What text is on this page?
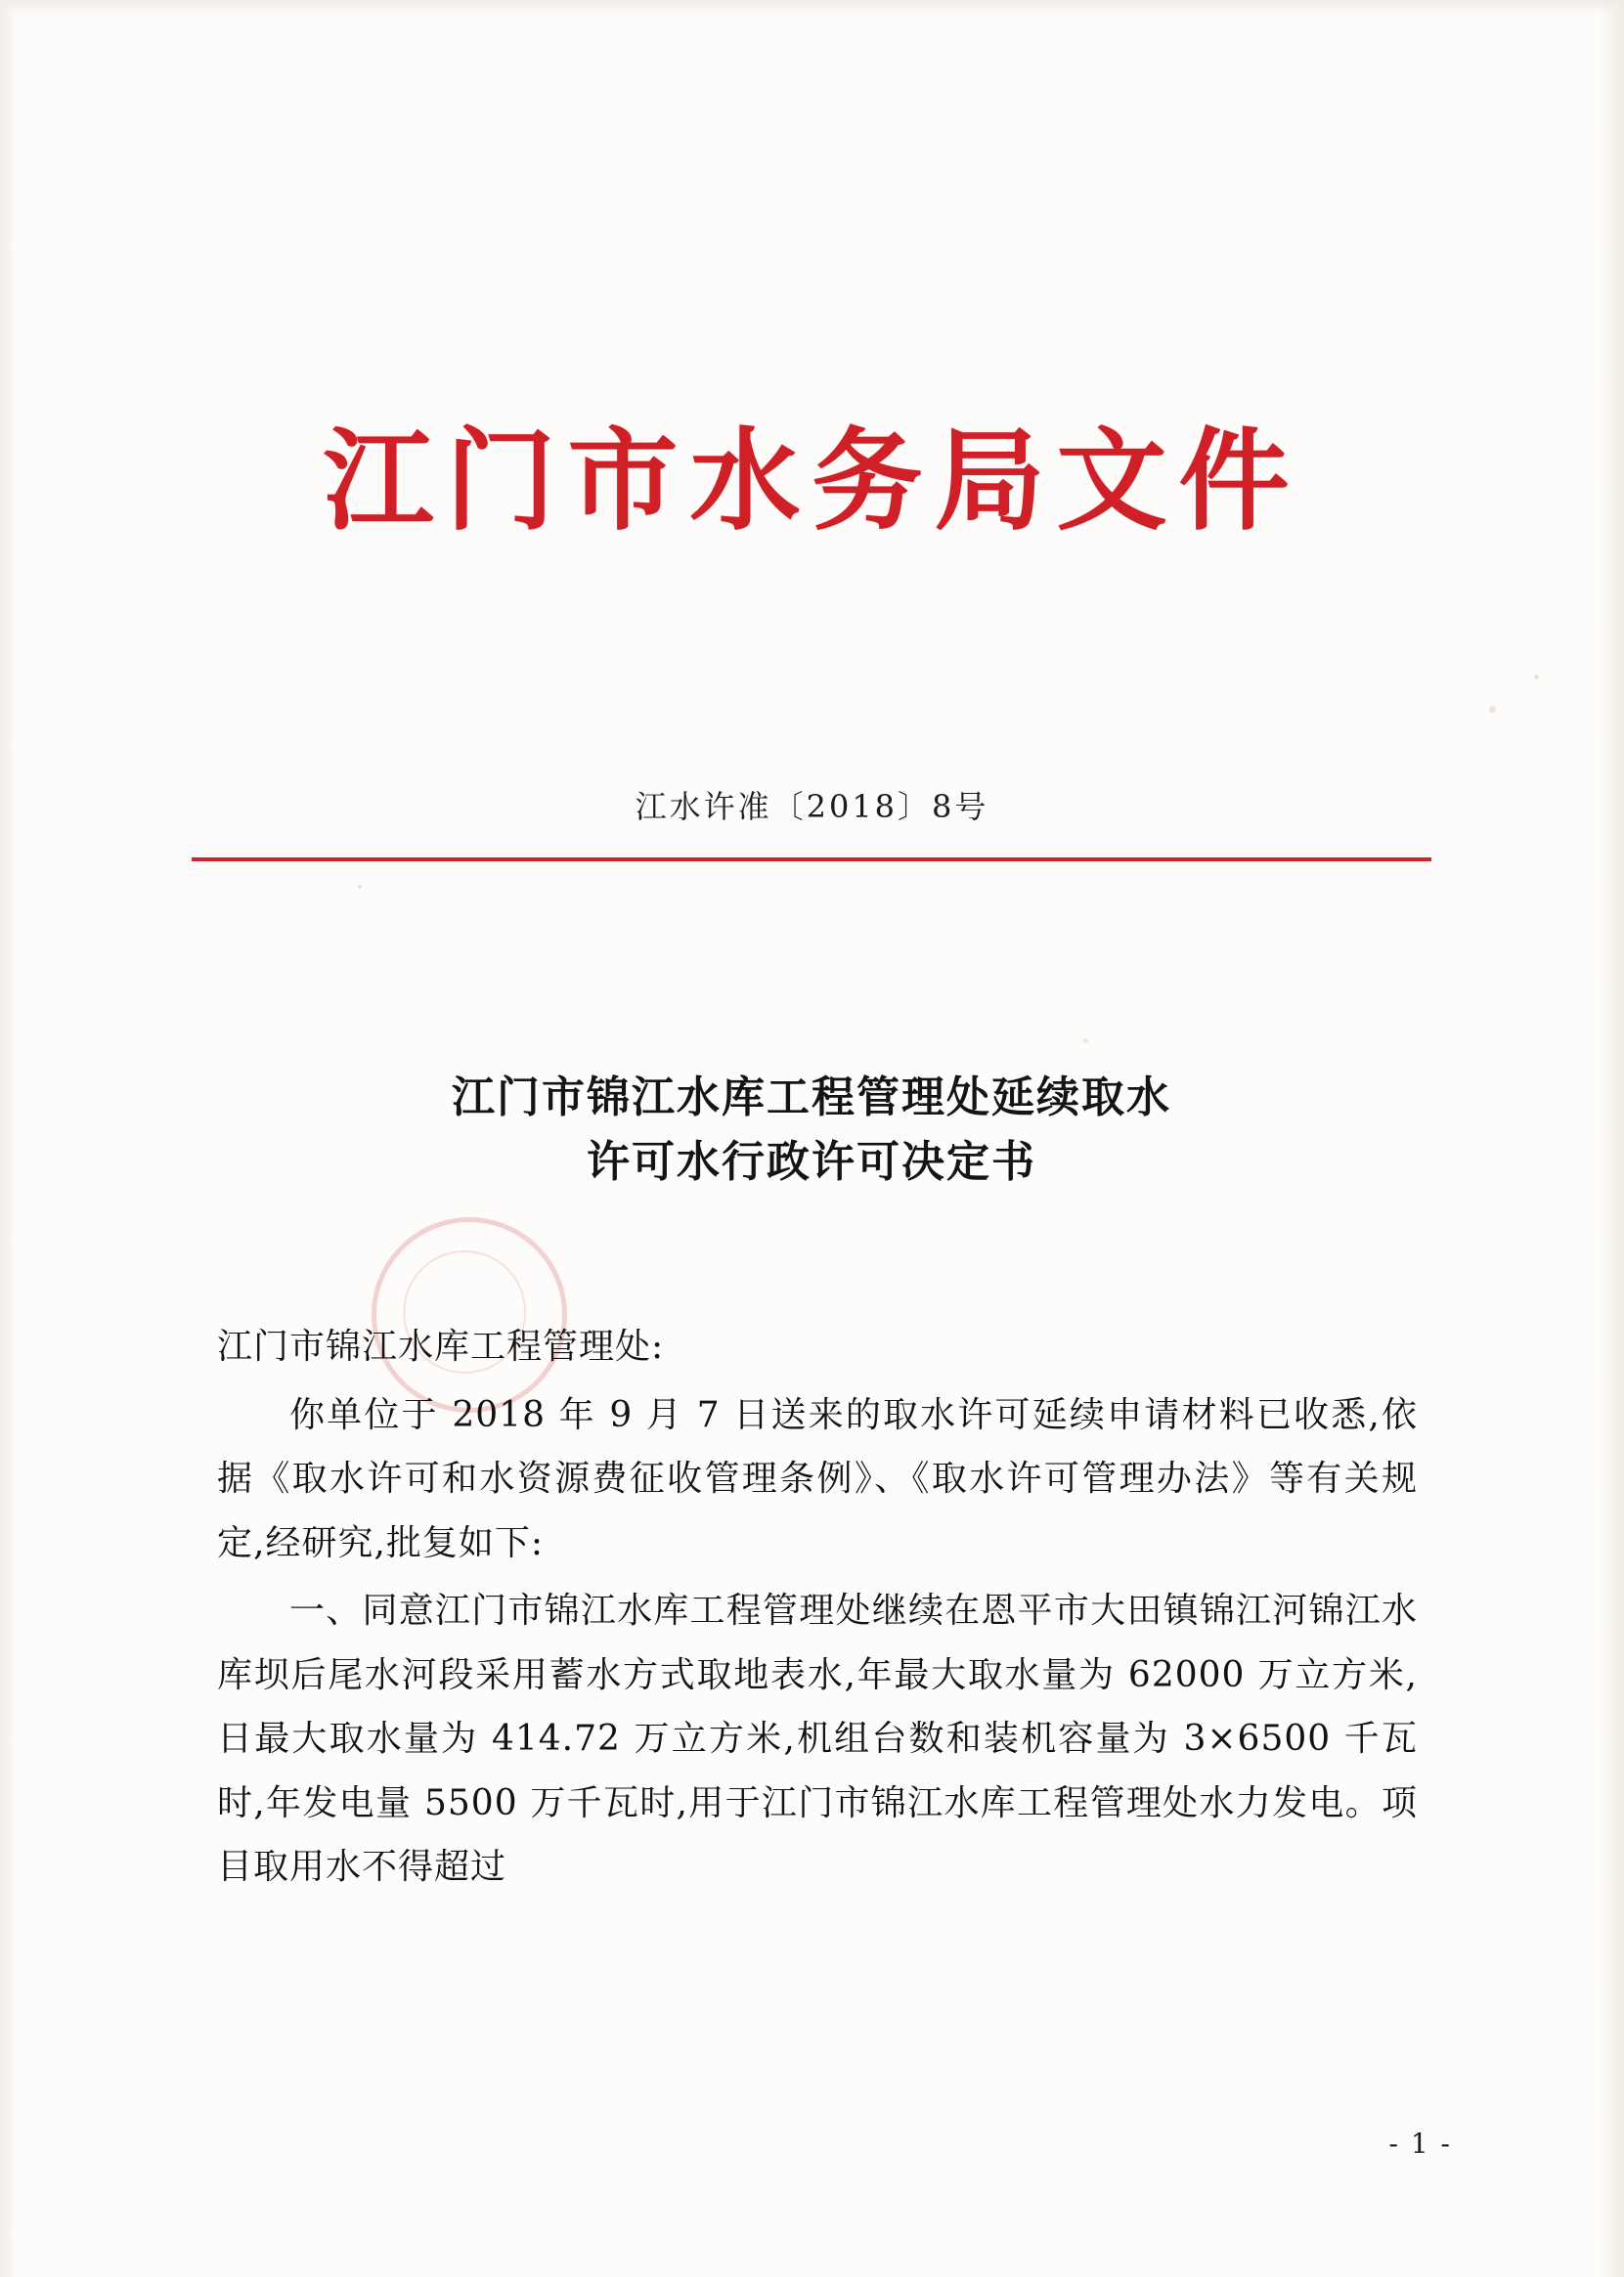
江门市水务局文件
江水许准〔2018〕8号
江门市锦江水库工程管理处延续取水
许可水行政许可决定书

江门市锦江水库工程管理处:

你单位于 2018 年 9 月 7 日送来的取水许可延续申请材料已收悉,依据《取水许可和水资源费征收管理条例》、《取水许可管理办法》等有关规定,经研究,批复如下:

一、同意江门市锦江水库工程管理处继续在恩平市大田镇锦江河锦江水库坝后尾水河段采用蓄水方式取地表水,年最大取水量为 62000 万立方米,日最大取水量为 414.72 万立方米,机组台数和装机容量为 3×6500 千瓦时,年发电量 5500 万千瓦时,用于江门市锦江水库工程管理处水力发电。项目取用水不得超过

- 1 -
